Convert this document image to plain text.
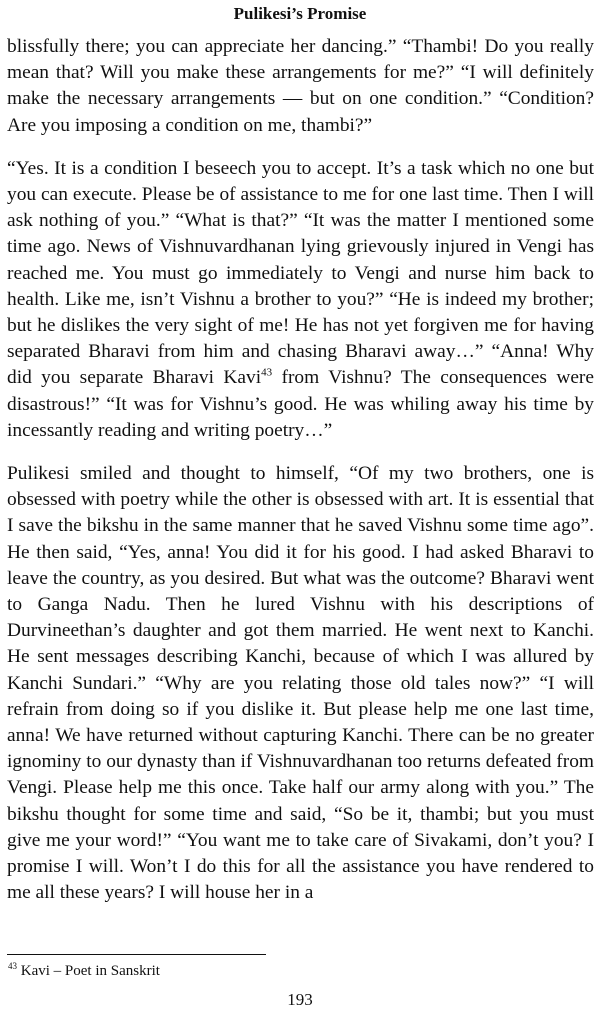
Pulikesi’s Promise

blissfully there; you can appreciate her dancing.” “Thambi! Do you really mean that? Will you make these arrangements for me?” “I will definitely make the necessary arrangements — but on one condition.” “Condition? Are you imposing a condition on me, thambi?”

“Yes. It is a condition I beseech you to accept. It’s a task which no one but you can execute. Please be of assistance to me for one last time. Then I will ask nothing of you.” “What is that?” “It was the matter I mentioned some time ago. News of Vishnuvardhanan lying grievously injured in Vengi has reached me. You must go immediately to Vengi and nurse him back to health. Like me, isn’t Vishnu a brother to you?” “He is indeed my brother; but he dislikes the very sight of me! He has not yet forgiven me for having separated Bharavi from him and chasing Bharavi away…” “Anna! Why did you separate Bharavi Kavi$^{43}$ from Vishnu? The consequences were disastrous!” “It was for Vishnu’s good. He was whiling away his time by incessantly reading and writing poetry…”

Pulikesi smiled and thought to himself, “Of my two brothers, one is obsessed with poetry while the other is obsessed with art. It is essential that I save the bikshu in the same manner that he saved Vishnu some time ago”. He then said, “Yes, anna! You did it for his good. I had asked Bharavi to leave the country, as you desired. But what was the outcome? Bharavi went to Ganga Nadu. Then he lured Vishnu with his descriptions of Durvineethan’s daughter and got them married. He went next to Kanchi. He sent messages describing Kanchi, because of which I was allured by Kanchi Sundari.” “Why are you relating those old tales now?” “I will refrain from doing so if you dislike it. But please help me one last time, anna! We have returned without capturing Kanchi. There can be no greater ignominy to our dynasty than if Vishnuvardhanan too returns defeated from Vengi. Please help me this once. Take half our army along with you.” The bikshu thought for some time and said, “So be it, thambi; but you must give me your word!” “You want me to take care of Sivakami, don’t you? I promise I will. Won’t I do this for all the assistance you have rendered to me all these years? I will house her in a

$^{43}$ Kavi – Poet in Sanskrit
193
